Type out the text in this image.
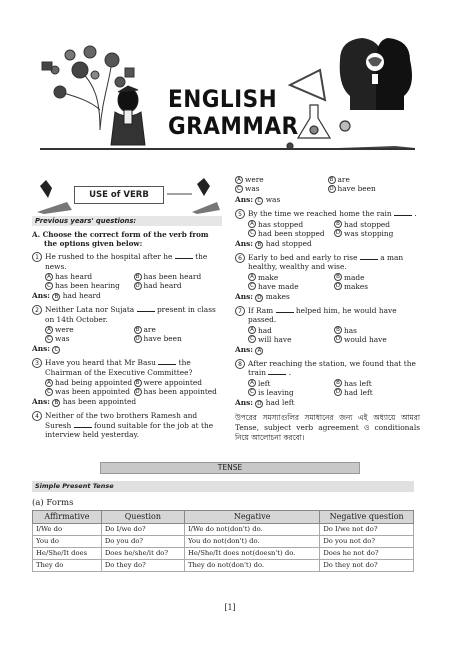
ENGLISH
GRAMMAR
USE of VERB
Previous years' questions:
A. Choose the correct form of the verb from the options given below:
1 He rushed to the hospital after he	the news.
A has heard	B has been heard
C has been hearing	D had heard
Ans: B had heard
2 Neither Lata nor Sujata	present in class on 14th October.
A were	B are
C was	D have been
Ans: C
3 Have you heard that Mr Basu	the Chairman of the Executive Committee?
A had being appointed B were appointed
C was been appointed D has been appointed
Ans: B has been appointed
4 Neither of the two brothers Ramesh and Suresh	found suitable for the job at the interview held yesterday.
A were	B are
C was	D have been
Ans: C was
5 By the time we reached home the rain	.
A has stopped	B had stopped
C had been stopped	D was stopping
Ans: B had stopped
6 Early to bed and early to rise	a man healthy, wealthy and wise.
A make	B made
C have made	D makes
Ans: D makes
7 If Ram	helped him, he would have passed.
A had	B has
C will have	D would have
Ans: A
8 After reaching the station, we found that the train	.
A left	B has left
C is leaving	D had left
Ans: D had left
উপরের সমস্যাগুলির সমাধানের জন্য এই অধ্যায়ে আমরা Tense, subject verb agreement ও conditionals নিয়ে আলোচনা করবো।
TENSE
Simple Present Tense
(a) Forms
Affirmative	Question	Negative	Negative question
I/We do	Do I/we do?	I/We do not(don't) do.	Do I/we not do?
You do	Do you do?	You do not(don't) do.	Do you not do?
He/She/It does	Does he/she/it do?	He/She/It does not(doesn't) do.	Does he not do?
They do	Do they do?	They do not(don't) do.	Do they not do?
[1]
